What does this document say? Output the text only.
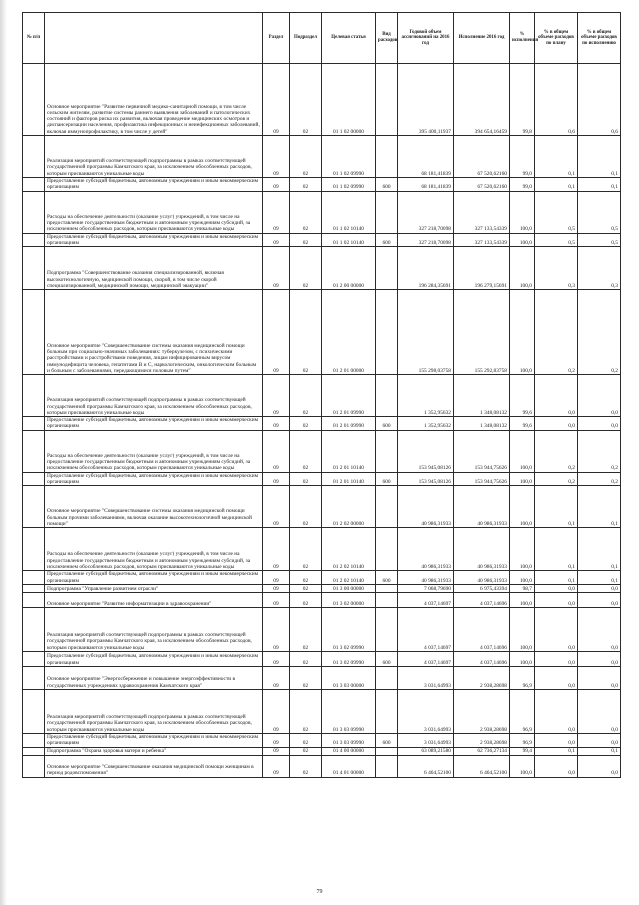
№ п/п		Раздел	Подраздел	Целевая статья	Вид расходов	Годовой объем ассигнований на 2016 год	Исполнение 2016 год	% исполнения	% в общем объеме расходов по плану	% в общем объеме расходов по исполнению
	Основное мероприятие "Развитие первичной медико-санитарной помощи, в том числе сельским жителям, развитие системы раннего выявления заболеваний и патологических состояний и факторов риска их развития, включая проведение медицинских осмотров и диспансеризации населения, профилактика инфекционных и неинфекционных заболеваний, включая иммунопрофилактику, в том числе у детей"	09	02	01 1 02 00000		395 400,11937	394 654,16459	99,8	0,6	0,6
	Реализация мероприятий соответствующей подпрограммы в рамках соответствующей государственной программы Камчатского края, за исключением обособленных расходов, которым присваиваются уникальные коды	09	02	01 1 02 09990		68 181,41839	67 520,62160	99,0	0,1	0,1
	Предоставление субсидий бюджетным, автономным учреждениям и иным некоммерческим организациям	09	02	01 1 02 09990	600	68 181,41839	67 520,62160	99,0	0,1	0,1
	Расходы на обеспечение деятельности (оказание услуг) учреждений, в том числе на предоставление государственным бюджетным и автономным учреждениям субсидий, за исключением обособленных расходов, которым присваиваются уникальные коды	09	02	01 1 02 10140		327 218,70098	327 133,54339	100,0	0,5	0,5
	Предоставление субсидий бюджетным, автономным учреждениям и иным некоммерческим организациям	09	02	01 1 02 10140	600	327 218,70098	327 133,54339	100,0	0,5	0,5
	Подпрограмма "Совершенствование оказания специализированной, включая высокотехнологичную, медицинской помощи, скорой, в том числе скорой специализированной, медицинской помощи, медицинской эвакуации"	09	02	01 2 00 00000		196 284,35691	196 279,15691	100,0	0,3	0,3
	Основное мероприятие "Совершенствование системы оказания медицинской помощи больным при социально-значимых заболеваниях: туберкулезом, с психическими расстройствами и расстройствами поведения, лицам инфицированным вирусом иммунодефицита человека, гепатитами B и C, наркологическим, онкологическим больным и больным с заболеваниями, передающимися половым путем"	09	02	01 2 01 00000		155 298,03758	155 292,83758	100,0	0,2	0,2
	Реализация мероприятий соответствующей подпрограммы в рамках соответствующей государственной программы Камчатского края, за исключением обособленных расходов, которым присваиваются уникальные коды	09	02	01 2 01 09990		1 352,95632	1 348,08132	99,6	0,0	0,0
	Предоставление субсидий бюджетным, автономным учреждениям и иным некоммерческим организациям	09	02	01 2 01 09990	600	1 352,95632	1 348,08132	99,6	0,0	0,0
	Расходы на обеспечение деятельности (оказание услуг) учреждений, в том числе на предоставление государственным бюджетным и автономным учреждениям субсидий, за исключением обособленных расходов, которым присваиваются уникальные коды	09	02	01 2 01 10140		153 945,08126	153 944,75626	100,0	0,2	0,2
	Предоставление субсидий бюджетным, автономным учреждениям и иным некоммерческим организациям	09	02	01 2 01 10140	600	153 945,08126	153 944,75626	100,0	0,2	0,2
	Основное мероприятие "Совершенствование системы оказания медицинской помощи больным прочими заболеваниями, включая оказание высокотехнологичной медицинской помощи"	09	02	01 2 02 00000		40 986,31933	40 986,31933	100,0	0,1	0,1
	Расходы на обеспечение деятельности (оказание услуг) учреждений, в том числе на предоставление государственным бюджетным и автономным учреждениям субсидий, за исключением обособленных расходов, которым присваиваются уникальные коды	09	02	01 2 02 10140		40 986,31933	40 986,31933	100,0	0,1	0,1
	Предоставление субсидий бюджетным, автономным учреждениям и иным некоммерческим организациям	09	02	01 2 02 10140	600	40 986,31933	40 986,31933	100,0	0,1	0,1
	Подпрограмма "Управление развитием отрасли"	09	02	01 3 00 00000		7 068,79690	6 975,43394	98,7	0,0	0,0
	Основное мероприятие "Развитие информатизации в здравоохранении"	09	02	01 3 02 00000		4 037,14697	4 037,14696	100,0	0,0	0,0
	Реализация мероприятий соответствующей подпрограммы в рамках соответствующей государственной программы Камчатского края, за исключением обособленных расходов, которым присваиваются уникальные коды	09	02	01 3 02 09990		4 037,14697	4 037,14696	100,0	0,0	0,0
	Предоставление субсидий бюджетным, автономным учреждениям и иным некоммерческим организациям	09	02	01 3 02 09990	600	4 037,14697	4 037,14696	100,0	0,0	0,0
	Основное мероприятие "Энергосбережение и повышение энергоэффективности в государственных учреждениях здравоохранения Камчатского края"	09	02	01 3 03 00000		3 031,64993	2 938,28698	96,9	0,0	0,0
	Реализация мероприятий соответствующей подпрограммы в рамках соответствующей государственной программы Камчатского края, за исключением обособленных расходов, которым присваиваются уникальные коды	09	02	01 3 03 09990		3 031,64993	2 938,28698	96,9	0,0	0,0
	Предоставление субсидий бюджетным, автономным учреждениям и иным некоммерческим организациям	09	02	01 3 03 09990	600	3 031,64993	2 938,28698	96,9	0,0	0,0
	Подпрограмма "Охрана здоровья матери и ребенка"	09	02	01 4 00 00000		63 089,21580	62 736,27134	99,4	0,1	0,1
	Основное мероприятие "Совершенствование оказания медицинской помощи женщинам в период родовспоможения"	09	02	01 4 01 00000		6 464,52100	6 464,52100	100,0	0,0	0,0
79
